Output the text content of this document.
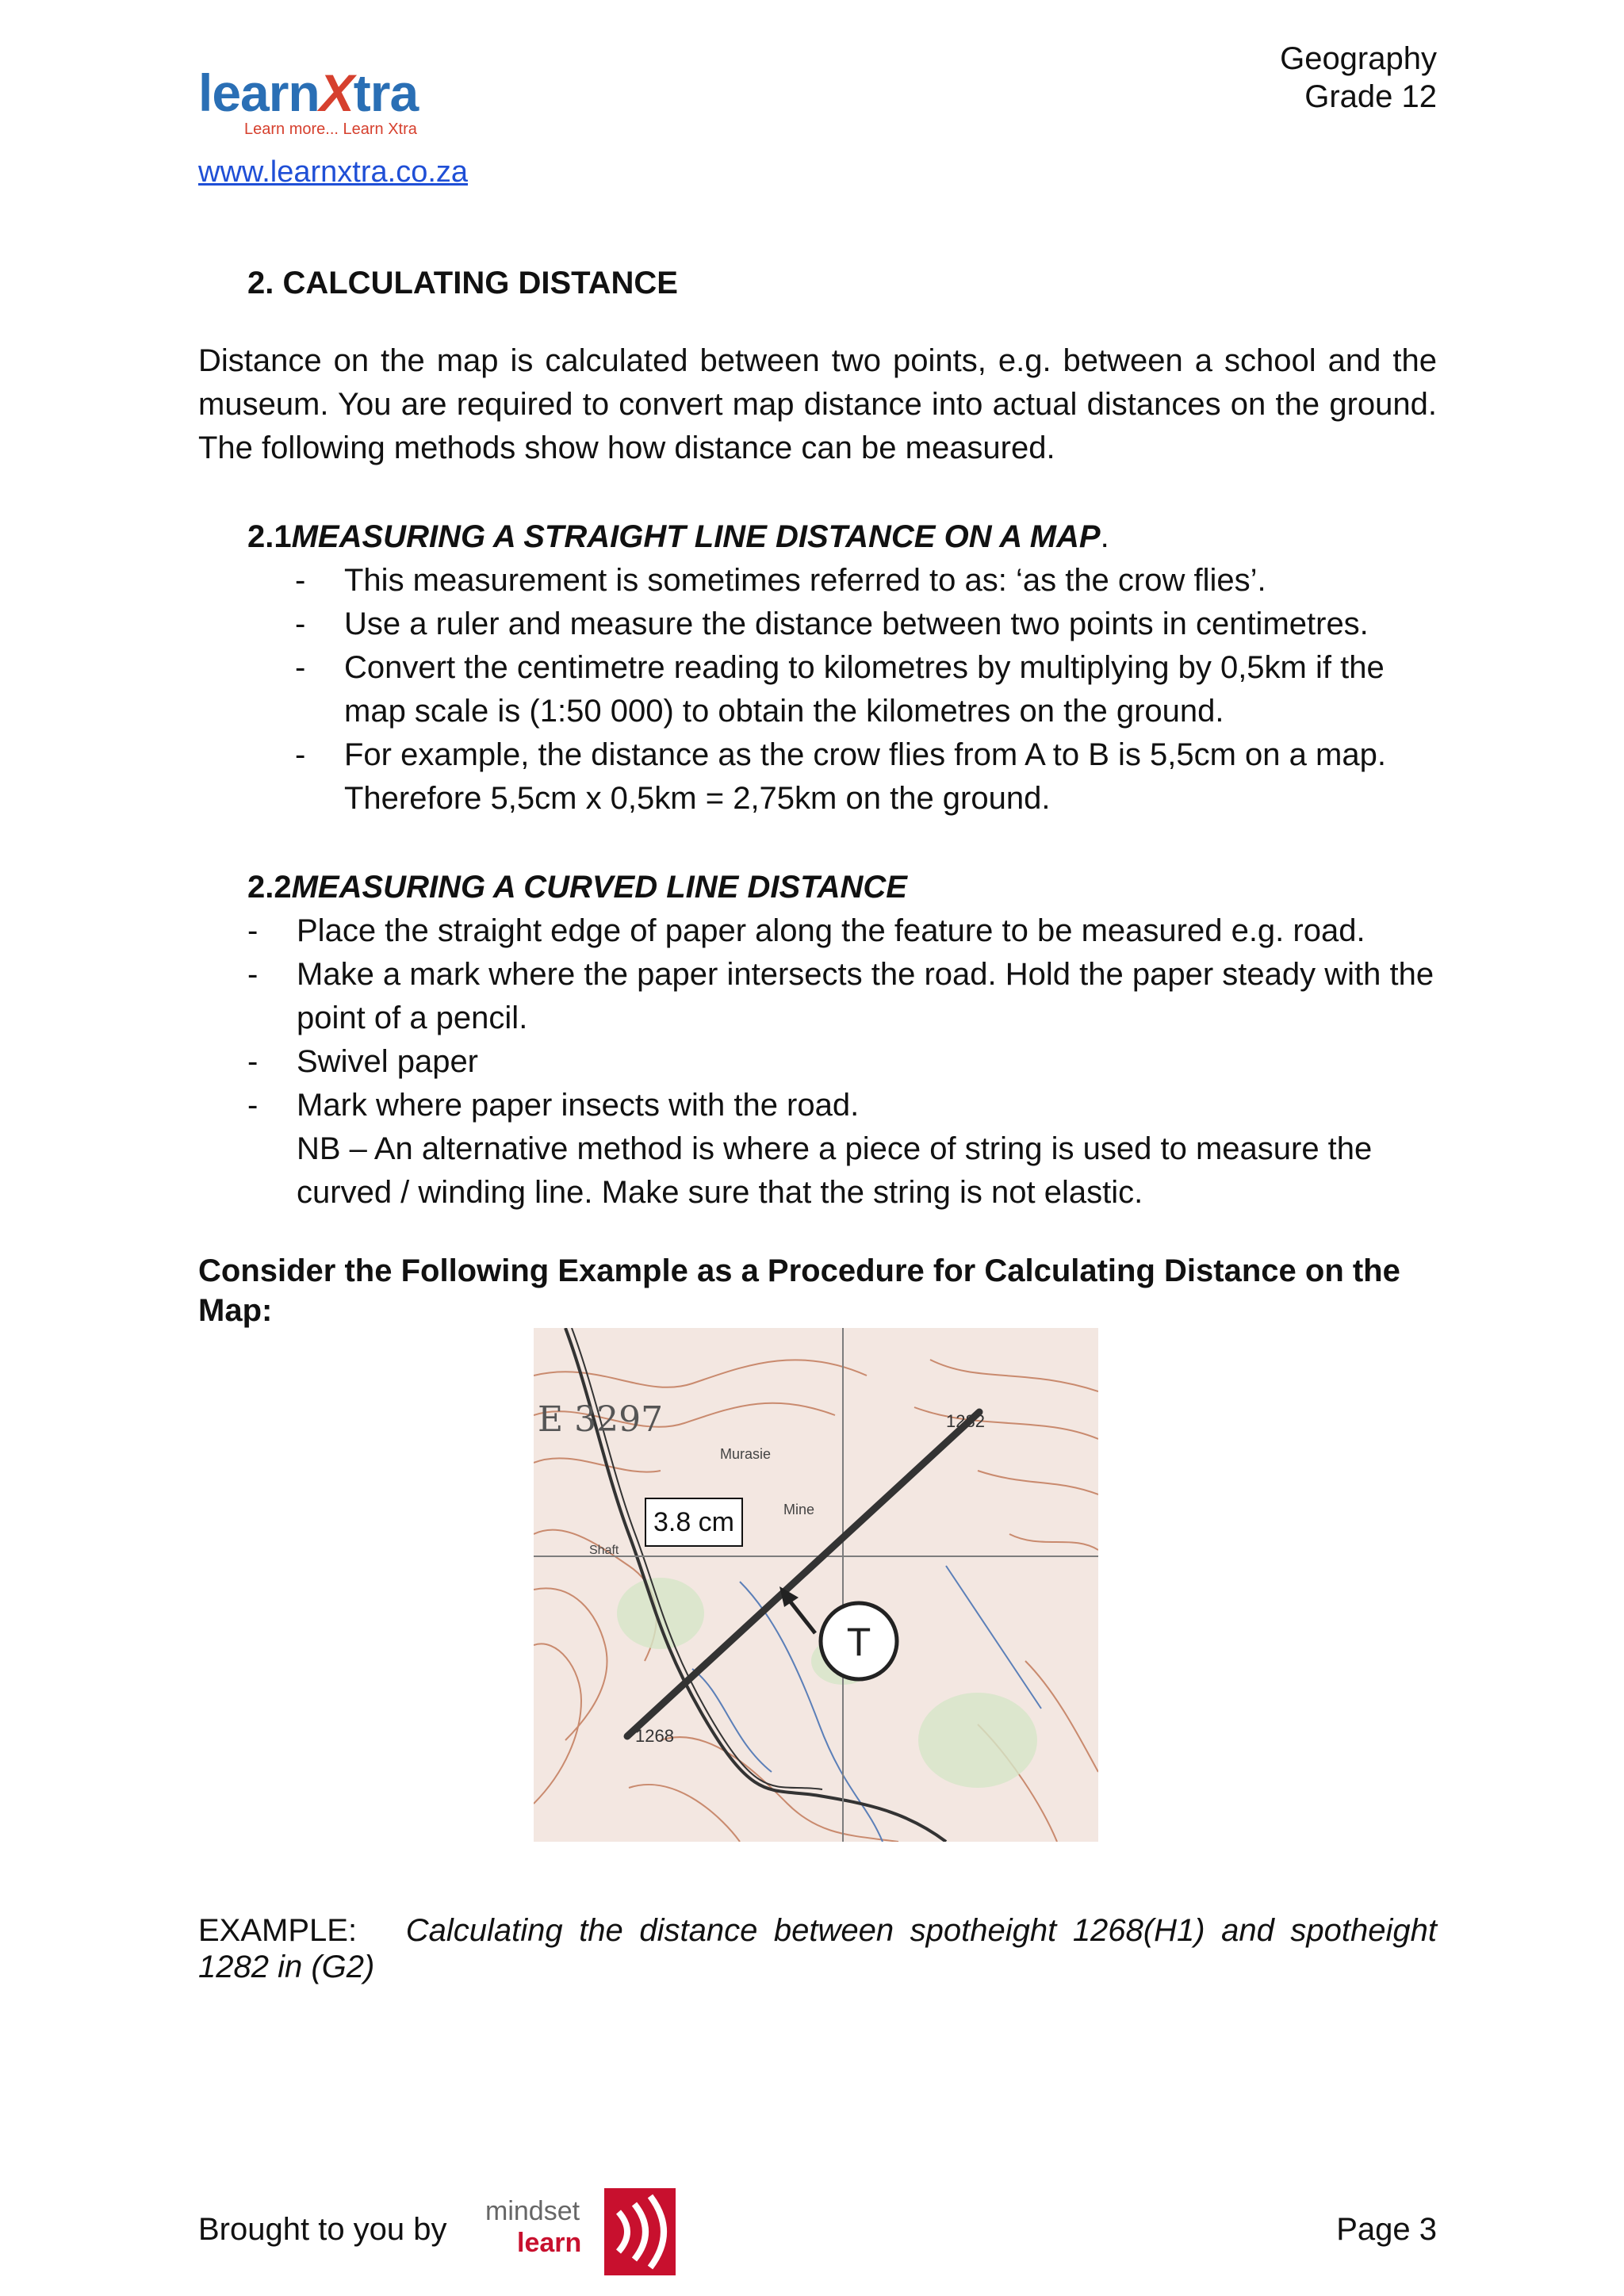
learnXtra
Learn more... Learn Xtra
www.learnxtra.co.za
Geography
Grade 12
2. CALCULATING DISTANCE
Distance on the map is calculated between two points, e.g. between a school and the museum. You are required to convert map distance into actual distances on the ground. The following methods show how distance can be measured.
2.1MEASURING A STRAIGHT LINE DISTANCE ON A MAP.
- This measurement is sometimes referred to as: ‘as the crow flies’.
- Use a ruler and measure the distance between two points in centimetres.
- Convert the centimetre reading to kilometres by multiplying by 0,5km if the map scale is (1:50 000) to obtain the kilometres on the ground.
- For example, the distance as the crow flies from A to B is 5,5cm on a map. Therefore 5,5cm x 0,5km = 2,75km on the ground.
2.2MEASURING A CURVED LINE DISTANCE
- Place the straight edge of paper along the feature to be measured e.g. road.
- Make a mark where the paper intersects the road. Hold the paper steady with the point of a pencil.
- Swivel paper
- Mark where paper insects with the road.
NB – An alternative method is where a piece of string is used to measure the curved / winding line. Make sure that the string is not elastic.
Consider the Following Example as a Procedure for Calculating Distance on the Map:
T
E 3297	1282
1268
Murasie
Mine
Shaft
3.8 cm
EXAMPLE: Calculating the distance between spotheight 1268(H1) and spotheight 1282 in (G2)
Brought to you by
mindset
learn	Page 3
